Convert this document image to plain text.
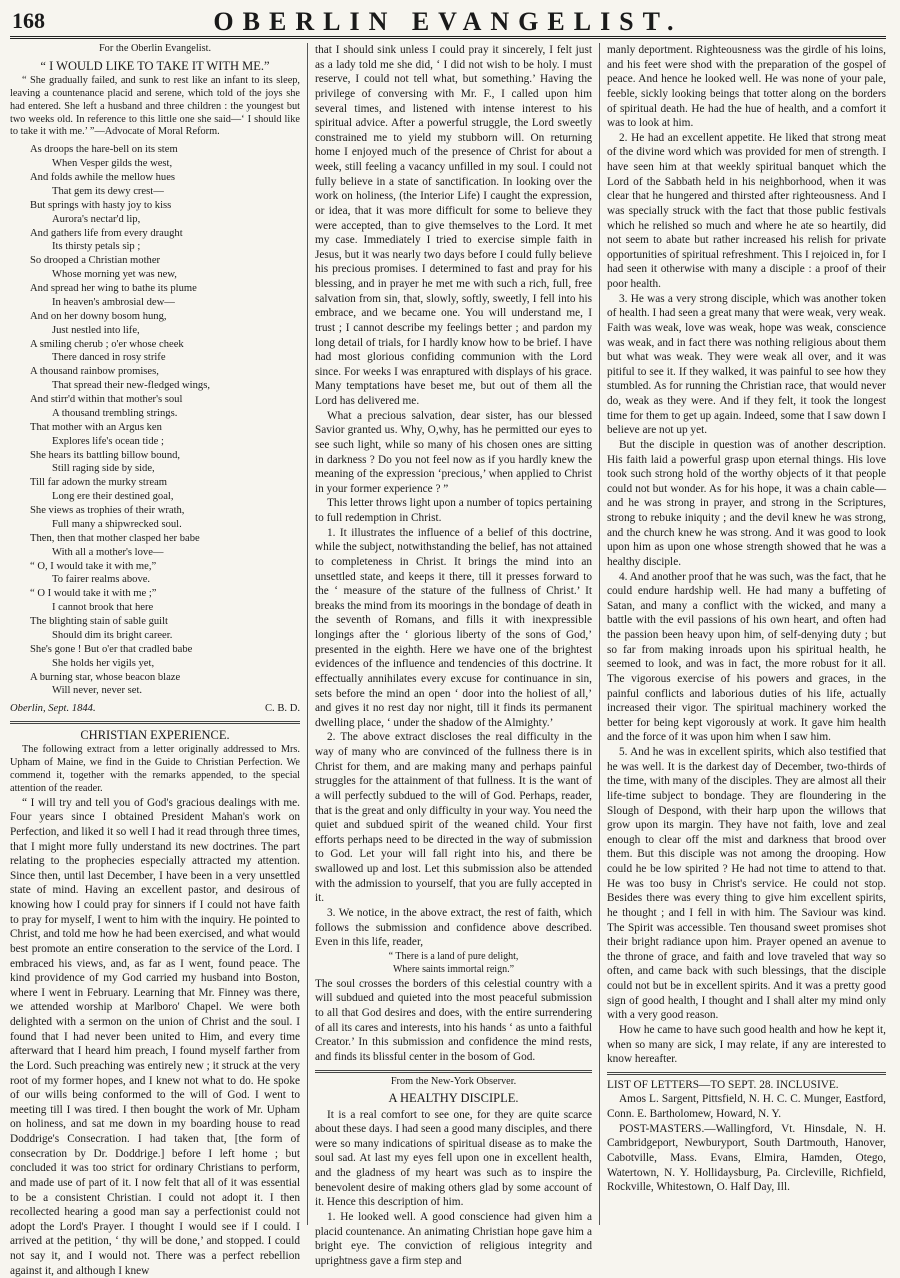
168	OBERLIN EVANGELIST.
For the Oberlin Evangelist.
“ I WOULD LIKE TO TAKE IT WITH ME.”

“ She gradually failed, and sunk to rest like an infant to its sleep, leaving a countenance placid and serene, which told of the joys she had entered. She left a husband and three children : the youngest but two weeks old. In reference to this little one she said—‘ I should like to take it with me.’ ”—Advocate of Moral Reform.

As droops the hare-bell on its stem
When Vesper gilds the west,
And folds awhile the mellow hues
That gem its dewy crest—
But springs with hasty joy to kiss
Aurora's nectar'd lip,
And gathers life from every draught
Its thirsty petals sip ;
So drooped a Christian mother
Whose morning yet was new,
And spread her wing to bathe its plume
In heaven's ambrosial dew—
And on her downy bosom hung,
Just nestled into life,
A smiling cherub ; o'er whose cheek
There danced in rosy strife
A thousand rainbow promises,
That spread their new-fledged wings,
And stirr'd within that mother's soul
A thousand trembling strings.
That mother with an Argus ken
Explores life's ocean tide ;
She hears its battling billow bound,
Still raging side by side,
Till far adown the murky stream
Long ere their destined goal,
She views as trophies of their wrath,
Full many a shipwrecked soul.
Then, then that mother clasped her babe
With all a mother's love—
“ O, I would take it with me,”
To fairer realms above.
“ O I would take it with me ;”
I cannot brook that here
The blighting stain of sable guilt
Should dim its bright career.
She's gone ! But o'er that cradled babe
She holds her vigils yet,
A burning star, whose beacon blaze
Will never, never set.
Oberlin, Sept. 1844.	C. B. D.
CHRISTIAN EXPERIENCE.

The following extract from a letter originally addressed to Mrs. Upham of Maine, we find in the Guide to Christian Perfection. We commend it, together with the remarks appended, to the special attention of the reader.

“ I will try and tell you of God's gracious dealings with me. Four years since I obtained President Mahan's work on Perfection, and liked it so well I had it read through three times, that I might more fully understand its new doctrines. The part relating to the prophecies especially attracted my attention. Since then, until last December, I have been in a very unsettled state of mind. Having an excellent pastor, and desirous of knowing how I could pray for sinners if I could not have faith to pray for myself, I went to him with the inquiry. He pointed to Christ, and told me how he had been exercised, and what would best promote an entire conseration to the service of the Lord. I embraced his views, and, as far as I went, found peace. The kind providence of my God carried my husband into Boston, where I went in February. Learning that Mr. Finney was there, we attended worship at Marlboro' Chapel. We were both delighted with a sermon on the union of Christ and the soul. I found that I had never been united to Him, and every time afterward that I heard him preach, I found myself farther from the Lord. Such preaching was entirely new ; it struck at the very root of my former hopes, and I knew not what to do. He spoke of our wills being conformed to the will of God. I went to meeting till I was tired. I then bought the work of Mr. Upham on holiness, and sat me down in my boarding house to read Doddrige's Consecration. I had taken that, [the form of consecration by Dr. Doddrige.] before I left home ; but concluded it was too strict for ordinary Christians to perform, and made use of part of it. I now felt that all of it was essential to be a consistent Christian. I could not adopt it. I then recollected hearing a good man say a perfectionist could not adopt the Lord's Prayer. I thought I would see if I could. I arrived at the petition, ‘ thy will be done,’ and stopped. I could not say it, and I would not. There was a perfect rebellion against it, and although I knew

that I should sink unless I could pray it sincerely, I felt just as a lady told me she did, ‘ I did not wish to be holy. I must reserve, I could not tell what, but something.’ Having the privilege of conversing with Mr. F., I called upon him several times, and listened with intense interest to his spiritual advice. After a powerful struggle, the Lord sweetly constrained me to yield my stubborn will. On returning home I enjoyed much of the presence of Christ for about a week, still feeling a vacancy unfilled in my soul. I could not fully believe in a state of sanctification. In looking over the work on holiness, (the Interior Life) I caught the expression, or idea, that it was more difficult for some to believe they were accepted, than to give themselves to the Lord. It met my case. Immediately I tried to exercise simple faith in Jesus, but it was nearly two days before I could fully believe his precious promises. I determined to fast and pray for his blessing, and in prayer he met me with such a rich, full, free salvation from sin, that, slowly, softly, sweetly, I fell into his embrace, and we became one. You will understand me, I trust ; I cannot describe my feelings better ; and pardon my long detail of trials, for I hardly know how to be brief. I have had most glorious confiding communion with the Lord since. For weeks I was enraptured with displays of his grace. Many temptations have beset me, but out of them all the Lord has delivered me.

What a precious salvation, dear sister, has our blessed Savior granted us. Why, O,why, has he permitted our eyes to see such light, while so many of his chosen ones are sitting in darkness ? Do you not feel now as if you hardly knew the meaning of the expression ‘precious,’ when applied to Christ in your former experience ? ”

This letter throws light upon a number of topics pertaining to full redemption in Christ.

1. It illustrates the influence of a belief of this doctrine, while the subject, notwithstanding the belief, has not attained to completeness in Christ. It brings the mind into an unsettled state, and keeps it there, till it presses forward to the ‘ measure of the stature of the fullness of Christ.’ It breaks the mind from its moorings in the bondage of death in the seventh of Romans, and fills it with inexpressible longings after the ‘ glorious liberty of the sons of God,’ presented in the eighth. Here we have one of the brightest evidences of the influence and tendencies of this doctrine. It effectually annihilates every excuse for continuance in sin, sets before the mind an open ‘ door into the holiest of all,’ and gives it no rest day nor night, till it finds its permanent dwelling place, ‘ under the shadow of the Almighty.’

2. The above extract discloses the real difficulty in the way of many who are convinced of the fullness there is in Christ for them, and are making many and perhaps painful struggles for the attainment of that fullness. It is the want of a will perfectly subdued to the will of God. Perhaps, reader, that is the great and only difficulty in your way. You need the quiet and subdued spirit of the weaned child. Your first efforts perhaps need to be directed in the way of submission to God. Let your will fall right into his, and there be swallowed up and lost. Let this submission also be attended with the admission to yourself, that you are fully accepted in it.

3. We notice, in the above extract, the rest of faith, which follows the submission and confidence above described. Even in this life, reader,

“ There is a land of pure delight,
Where saints immortal reign.”

The soul crosses the borders of this celestial country with a will subdued and quieted into the most peaceful submission to all that God desires and does, with the entire surrendering of all its cares and interests, into his hands ‘ as unto a faithful Creator.’ In this submission and confidence the mind rests, and finds its blissful center in the bosom of God.

From the New-York Observer.
A HEALTHY DISCIPLE.

It is a real comfort to see one, for they are quite scarce about these days. I had seen a good many disciples, and there were so many indications of spiritual disease as to make the soul sad. At last my eyes fell upon one in excellent health, and the gladness of my heart was such as to inspire the benevolent desire of making others glad by some account of it. Hence this description of him.

1. He looked well. A good conscience had given him a placid countenance. An animating Christian hope gave him a bright eye. The conviction of religious integrity and uprightness gave a firm step and

manly deportment. Righteousness was the girdle of his loins, and his feet were shod with the preparation of the gospel of peace. And hence he looked well. He was none of your pale, feeble, sickly looking beings that totter along on the borders of spiritual death. He had the hue of health, and a comfort it was to look at him.

2. He had an excellent appetite. He liked that strong meat of the divine word which was provided for men of strength. I have seen him at that weekly spiritual banquet which the Lord of the Sabbath held in his neighborhood, when it was clear that he hungered and thirsted after righteousness. And I was specially struck with the fact that those public festivals which he relished so much and where he ate so heartily, did not seem to abate but rather increased his relish for private opportunities of spiritual refreshment. This I rejoiced in, for I had seen it otherwise with many a disciple : a proof of their poor health.

3. He was a very strong disciple, which was another token of health. I had seen a great many that were weak, very weak. Faith was weak, love was weak, hope was weak, conscience was weak, and in fact there was nothing religious about them but what was weak. They were weak all over, and it was pitiful to see it. If they walked, it was painful to see how they stumbled. As for running the Christian race, that would never do, weak as they were. And if they felt, it took the longest time for them to get up again. Indeed, some that I saw down I believe are not up yet.

But the disciple in question was of another description. His faith laid a powerful grasp upon eternal things. His love took such strong hold of the worthy objects of it that people could not but wonder. As for his hope, it was a chain cable—and he was strong in prayer, and strong in the Scriptures, strong to rebuke iniquity ; and the devil knew he was strong, and the church knew he was strong. And it was good to look upon him as upon one whose strength showed that he was a healthy disciple.

4. And another proof that he was such, was the fact, that he could endure hardship well. He had many a buffeting of Satan, and many a conflict with the wicked, and many a battle with the evil passions of his own heart, and often had the passion been heavy upon him, of self-denying duty ; but so far from making inroads upon his spiritual health, he seemed to look, and was in fact, the more robust for it all. The vigorous exercise of his powers and graces, in the painful conflicts and laborious duties of his life, actually increased their vigor. The spiritual machinery worked the better for being kept vigorously at work. It gave him health and the force of it was upon him when I saw him.

5. And he was in excellent spirits, which also testified that he was well. It is the darkest day of December, two-thirds of the time, with many of the disciples. They are almost all their life-time subject to bondage. They are floundering in the Slough of Despond, with their harp upon the willows that grow upon its margin. They have not faith, love and zeal enough to clear off the mist and darkness that brood over them. But this disciple was not among the drooping. How could he be low spirited ? He had not time to attend to that. He was too busy in Christ's service. He could not stop. Besides there was every thing to give him excellent spirits, he thought ; and I fell in with him. The Saviour was kind. The Spirit was accessible. Ten thousand sweet promises shot their bright radiance upon him. Prayer opened an avenue to the throne of grace, and faith and love traveled that way so often, and came back with such blessings, that the disciple could not but be in excellent spirits. And it was a pretty good sign of good health, I thought and I shall alter my mind only with a very good reason.

How he came to have such good health and how he kept it, when so many are sick, I may relate, if any are interested to know hereafter.

LIST OF LETTERS—TO SEPT. 28. INCLUSIVE.

Amos L. Sargent, Pittsfield, N. H. C. C. Munger, Eastford, Conn. E. Bartholomew, Howard, N. Y.

POST-MASTERS.—Wallingford, Vt. Hinsdale, N. H. Cambridgeport, Newburyport, South Dartmouth, Hanover, Cabotville, Mass. Evans, Elmira, Hamden, Otego, Watertown, N. Y. Hollidaysburg, Pa. Circleville, Richfield, Rockville, Whitestown, O. Half Day, Ill.
